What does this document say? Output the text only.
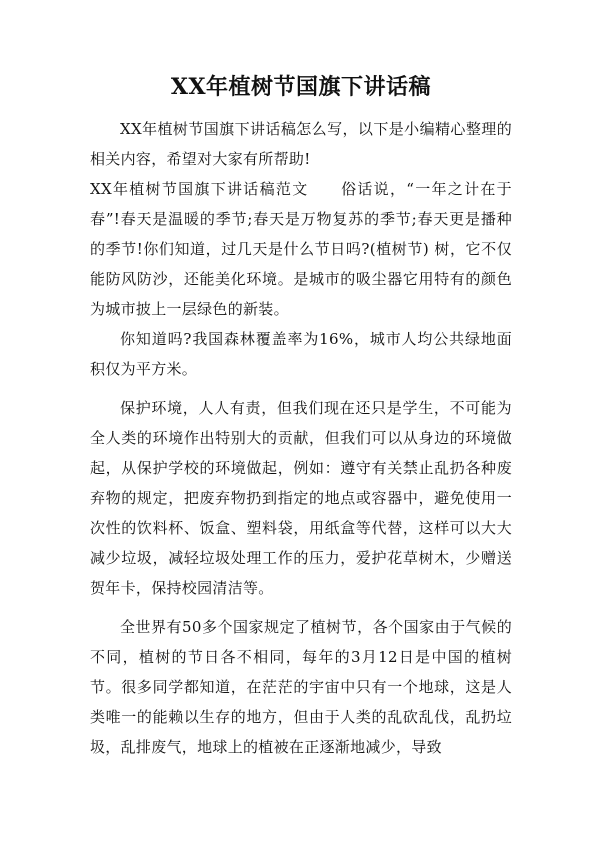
XX年植树节国旗下讲话稿

XX年植树节国旗下讲话稿怎么写，以下是小编精心整理的相关内容，希望对大家有所帮助!

XX年植树节国旗下讲话稿范文　　俗话说，“一年之计在于春”!春天是温暖的季节;春天是万物复苏的季节;春天更是播种的季节!你们知道，过几天是什么节日吗?(植树节) 树，它不仅能防风防沙，还能美化环境。是城市的吸尘器它用特有的颜色为城市披上一层绿色的新装。

你知道吗?我国森林覆盖率为16%，城市人均公共绿地面积仅为平方米。

保护环境，人人有责，但我们现在还只是学生，不可能为全人类的环境作出特别大的贡献，但我们可以从身边的环境做起，从保护学校的环境做起，例如：遵守有关禁止乱扔各种废弃物的规定，把废弃物扔到指定的地点或容器中，避免使用一次性的饮料杯、饭盒、塑料袋，用纸盒等代替，这样可以大大减少垃圾，减轻垃圾处理工作的压力，爱护花草树木，少赠送贺年卡，保持校园清洁等。

全世界有50多个国家规定了植树节，各个国家由于气候的不同，植树的节日各不相同，每年的3月12日是中国的植树节。很多同学都知道，在茫茫的宇宙中只有一个地球，这是人类唯一的能赖以生存的地方，但由于人类的乱砍乱伐，乱扔垃圾，乱排废气，地球上的植被在正逐渐地减少，导致
